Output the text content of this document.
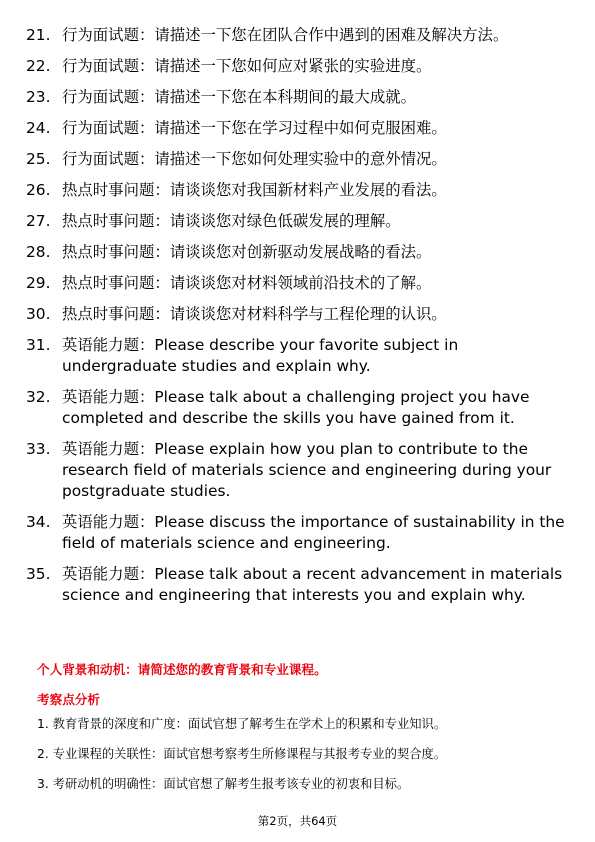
21. 行为面试题：请描述一下您在团队合作中遇到的困难及解决方法。
22. 行为面试题：请描述一下您如何应对紧张的实验进度。
23. 行为面试题：请描述一下您在本科期间的最大成就。
24. 行为面试题：请描述一下您在学习过程中如何克服困难。
25. 行为面试题：请描述一下您如何处理实验中的意外情况。
26. 热点时事问题：请谈谈您对我国新材料产业发展的看法。
27. 热点时事问题：请谈谈您对绿色低碳发展的理解。
28. 热点时事问题：请谈谈您对创新驱动发展战略的看法。
29. 热点时事问题：请谈谈您对材料领域前沿技术的了解。
30. 热点时事问题：请谈谈您对材料科学与工程伦理的认识。
31. 英语能力题：Please describe your favorite subject in undergraduate studies and explain why.
32. 英语能力题：Please talk about a challenging project you have completed and describe the skills you have gained from it.
33. 英语能力题：Please explain how you plan to contribute to the research field of materials science and engineering during your postgraduate studies.
34. 英语能力题：Please discuss the importance of sustainability in the field of materials science and engineering.
35. 英语能力题：Please talk about a recent advancement in materials science and engineering that interests you and explain why.
个人背景和动机：请简述您的教育背景和专业课程。
考察点分析
1. 教育背景的深度和广度：面试官想了解考生在学术上的积累和专业知识。
2. 专业课程的关联性：面试官想考察考生所修课程与其报考专业的契合度。
3. 考研动机的明确性：面试官想了解考生报考该专业的初衷和目标。
第2页，共64页
